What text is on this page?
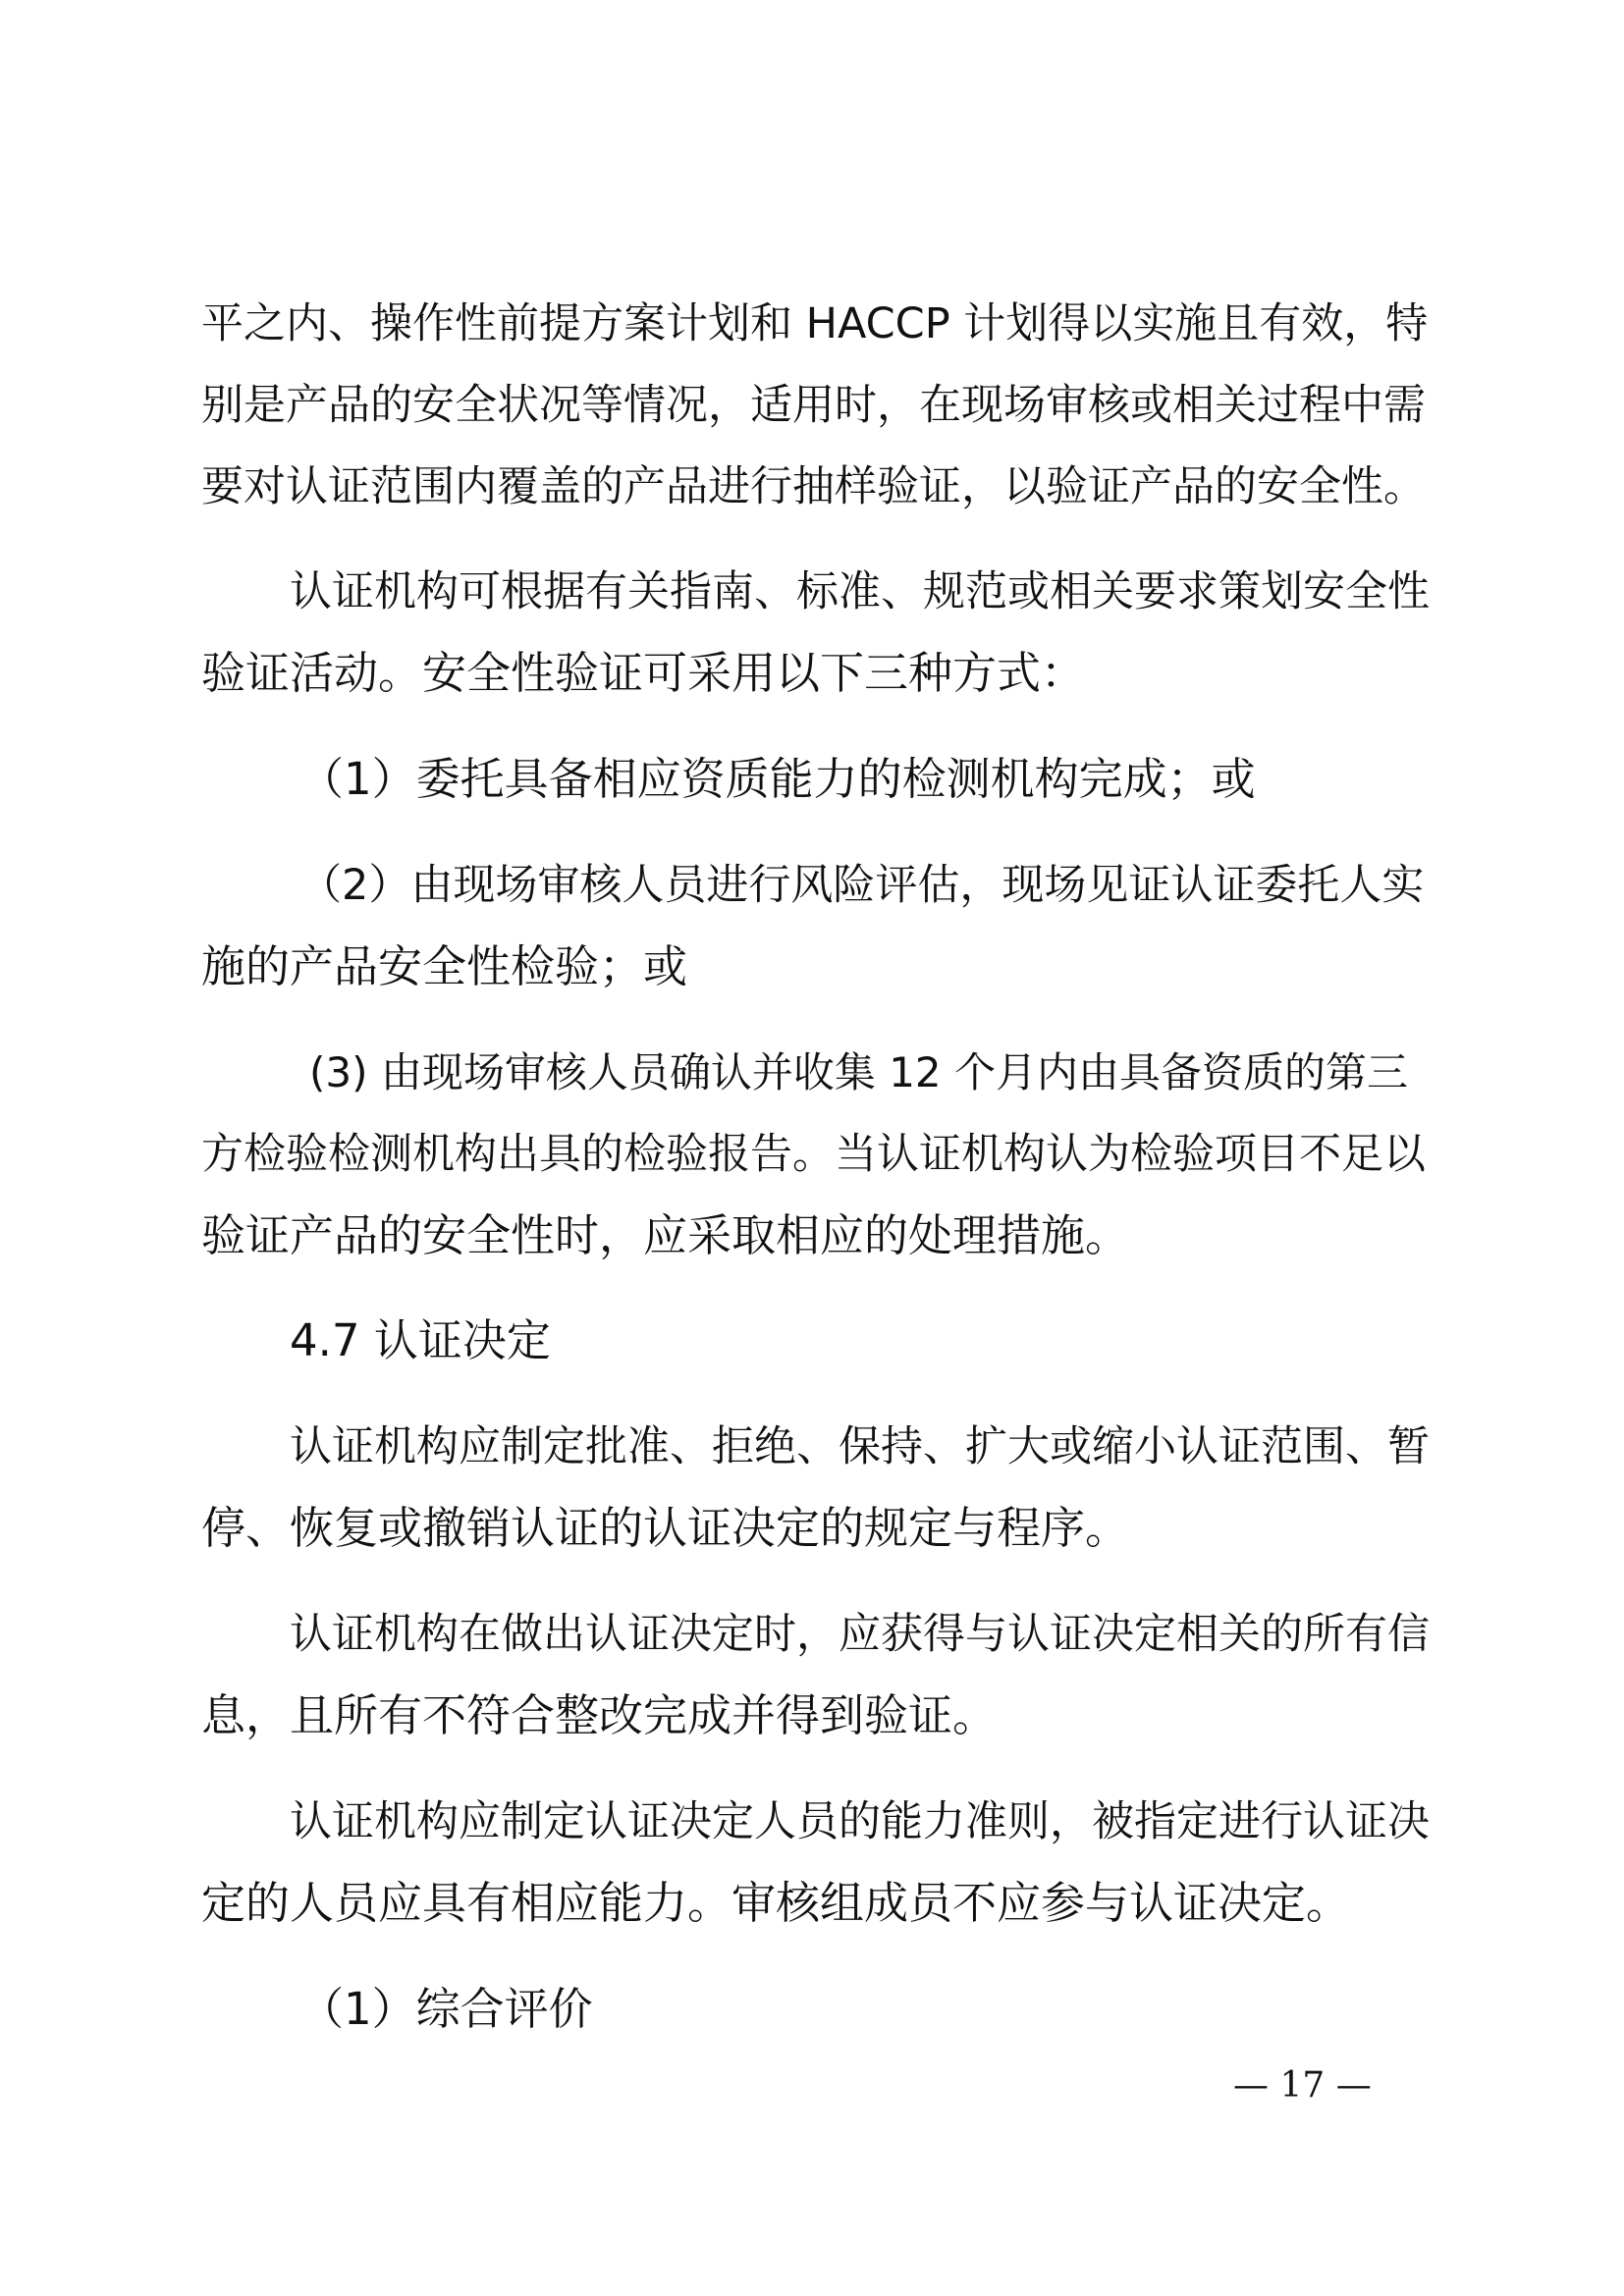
平之内、操作性前提方案计划和 HACCP 计划得以实施且有效，特
别是产品的安全状况等情况，适用时，在现场审核或相关过程中需
要对认证范围内覆盖的产品进行抽样验证，以验证产品的安全性。
认证机构可根据有关指南、标准、规范或相关要求策划安全性
验证活动。安全性验证可采用以下三种方式：
（1）委托具备相应资质能力的检测机构完成；或
（2）由现场审核人员进行风险评估，现场见证认证委托人实
施的产品安全性检验；或
(3) 由现场审核人员确认并收集 12 个月内由具备资质的第三
方检验检测机构出具的检验报告。当认证机构认为检验项目不足以
验证产品的安全性时，应采取相应的处理措施。
4.7 认证决定
认证机构应制定批准、拒绝、保持、扩大或缩小认证范围、暂
停、恢复或撤销认证的认证决定的规定与程序。
认证机构在做出认证决定时，应获得与认证决定相关的所有信
息，且所有不符合整改完成并得到验证。
认证机构应制定认证决定人员的能力准则，被指定进行认证决
定的人员应具有相应能力。审核组成员不应参与认证决定。
（1）综合评价
— 17 —
